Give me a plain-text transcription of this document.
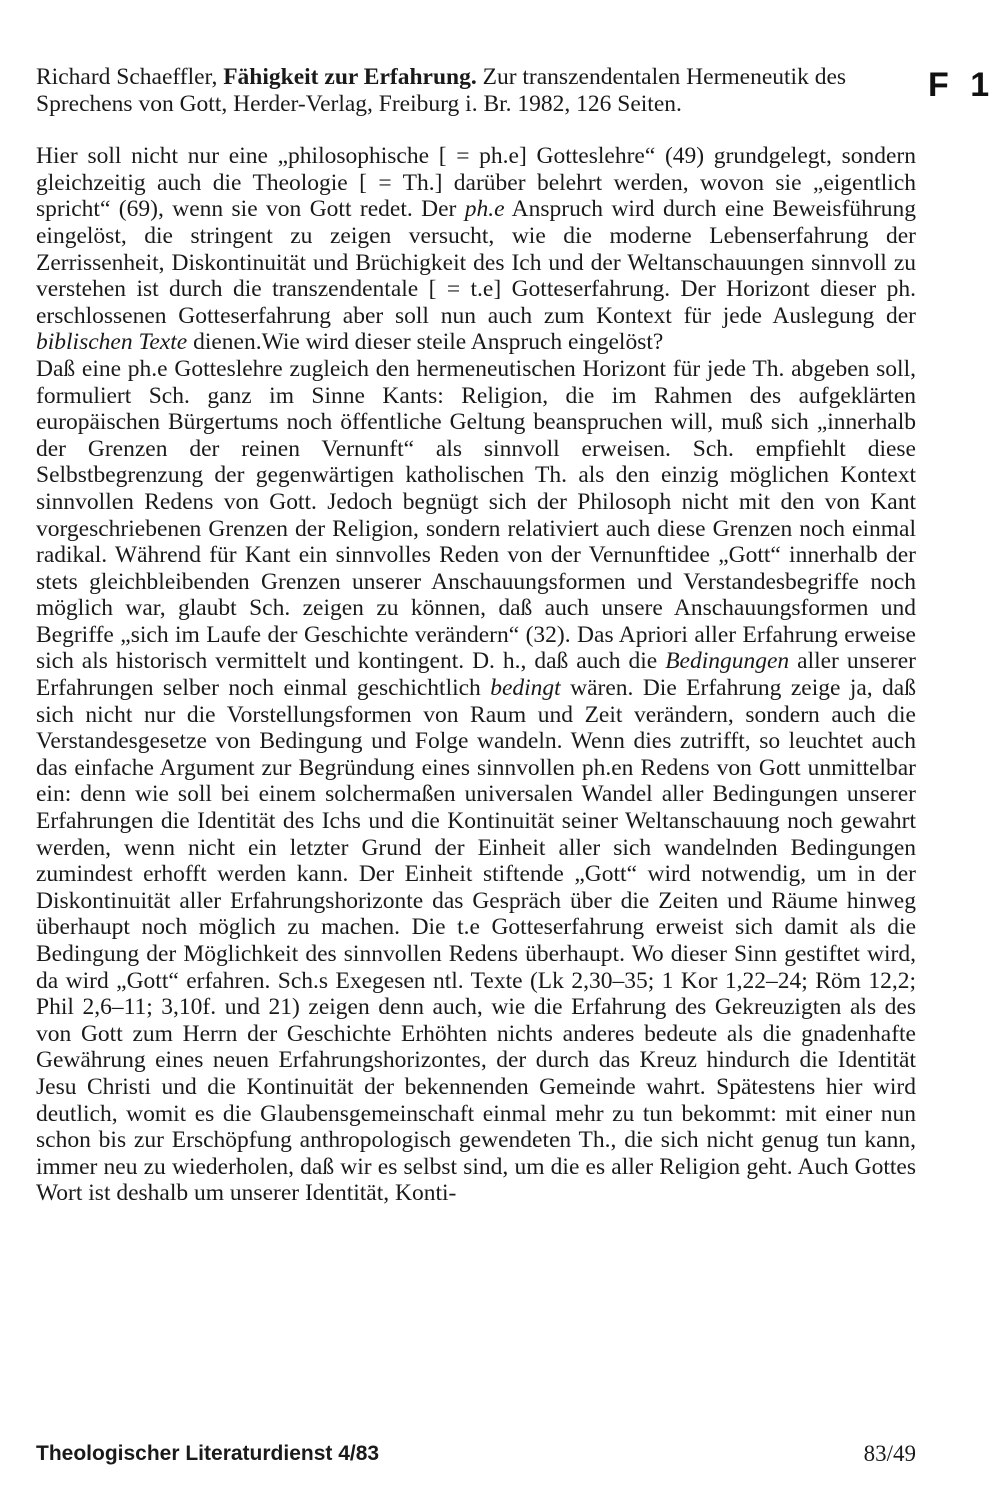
F 1

Richard Schaeffler, Fähigkeit zur Erfahrung. Zur transzendentalen Hermeneutik des Sprechens von Gott, Herder-Verlag, Freiburg i. Br. 1982, 126 Seiten.

Hier soll nicht nur eine „philosophische [ = ph.e] Gotteslehre“ (49) grundgelegt, sondern gleichzeitig auch die Theologie [ = Th.] darüber belehrt werden, wovon sie „eigentlich spricht“ (69), wenn sie von Gott redet. Der ph.e Anspruch wird durch eine Beweisführung eingelöst, die stringent zu zeigen versucht, wie die moderne Lebenserfahrung der Zerrissenheit, Diskontinuität und Brüchigkeit des Ich und der Weltanschauungen sinnvoll zu verstehen ist durch die transzendentale [ = t.e] Gotteserfahrung. Der Horizont dieser ph. erschlossenen Gotteserfahrung aber soll nun auch zum Kontext für jede Auslegung der biblischen Texte dienen.Wie wird dieser steile Anspruch eingelöst?

Daß eine ph.e Gotteslehre zugleich den hermeneutischen Horizont für jede Th. abgeben soll, formuliert Sch. ganz im Sinne Kants: Religion, die im Rahmen des aufgeklärten europäischen Bürgertums noch öffentliche Geltung beanspruchen will, muß sich „innerhalb der Grenzen der reinen Vernunft“ als sinnvoll erweisen. Sch. empfiehlt diese Selbstbegrenzung der gegenwärtigen katholischen Th. als den einzig möglichen Kontext sinnvollen Redens von Gott. Jedoch begnügt sich der Philosoph nicht mit den von Kant vorgeschriebenen Grenzen der Religion, sondern relativiert auch diese Grenzen noch einmal radikal. Während für Kant ein sinnvolles Reden von der Vernunftidee „Gott“ innerhalb der stets gleichbleibenden Grenzen unserer Anschauungsformen und Verstandesbegriffe noch möglich war, glaubt Sch. zeigen zu können, daß auch unsere Anschauungsformen und Begriffe „sich im Laufe der Geschichte verändern“ (32). Das Apriori aller Erfahrung erweise sich als historisch vermittelt und kontingent. D. h., daß auch die Bedingungen aller unserer Erfahrungen selber noch einmal geschichtlich bedingt wären. Die Erfahrung zeige ja, daß sich nicht nur die Vorstellungsformen von Raum und Zeit verändern, sondern auch die Verstandesgesetze von Bedingung und Folge wandeln. Wenn dies zutrifft, so leuchtet auch das einfache Argument zur Begründung eines sinnvollen ph.en Redens von Gott unmittelbar ein: denn wie soll bei einem solchermaßen universalen Wandel aller Bedingungen unserer Erfahrungen die Identität des Ichs und die Kontinuität seiner Weltanschauung noch gewahrt werden, wenn nicht ein letzter Grund der Einheit aller sich wandelnden Bedingungen zumindest erhofft werden kann. Der Einheit stiftende „Gott“ wird notwendig, um in der Diskontinuität aller Erfahrungshorizonte das Gespräch über die Zeiten und Räume hinweg überhaupt noch möglich zu machen. Die t.e Gotteserfahrung erweist sich damit als die Bedingung der Möglichkeit des sinnvollen Redens überhaupt. Wo dieser Sinn gestiftet wird, da wird „Gott“ erfahren. Sch.s Exegesen ntl. Texte (Lk 2,30–35; 1 Kor 1,22–24; Röm 12,2; Phil 2,6–11; 3,10f. und 21) zeigen denn auch, wie die Erfahrung des Gekreuzigten als des von Gott zum Herrn der Geschichte Erhöhten nichts anderes bedeute als die gnadenhafte Gewährung eines neuen Erfahrungshorizontes, der durch das Kreuz hindurch die Identität Jesu Christi und die Kontinuität der bekennenden Gemeinde wahrt. Spätestens hier wird deutlich, womit es die Glaubensgemeinschaft einmal mehr zu tun bekommt: mit einer nun schon bis zur Erschöpfung anthropologisch gewendeten Th., die sich nicht genug tun kann, immer neu zu wiederholen, daß wir es selbst sind, um die es aller Religion geht. Auch Gottes Wort ist deshalb um unserer Identität, Konti-

Theologischer Literaturdienst 4/83	83/49
